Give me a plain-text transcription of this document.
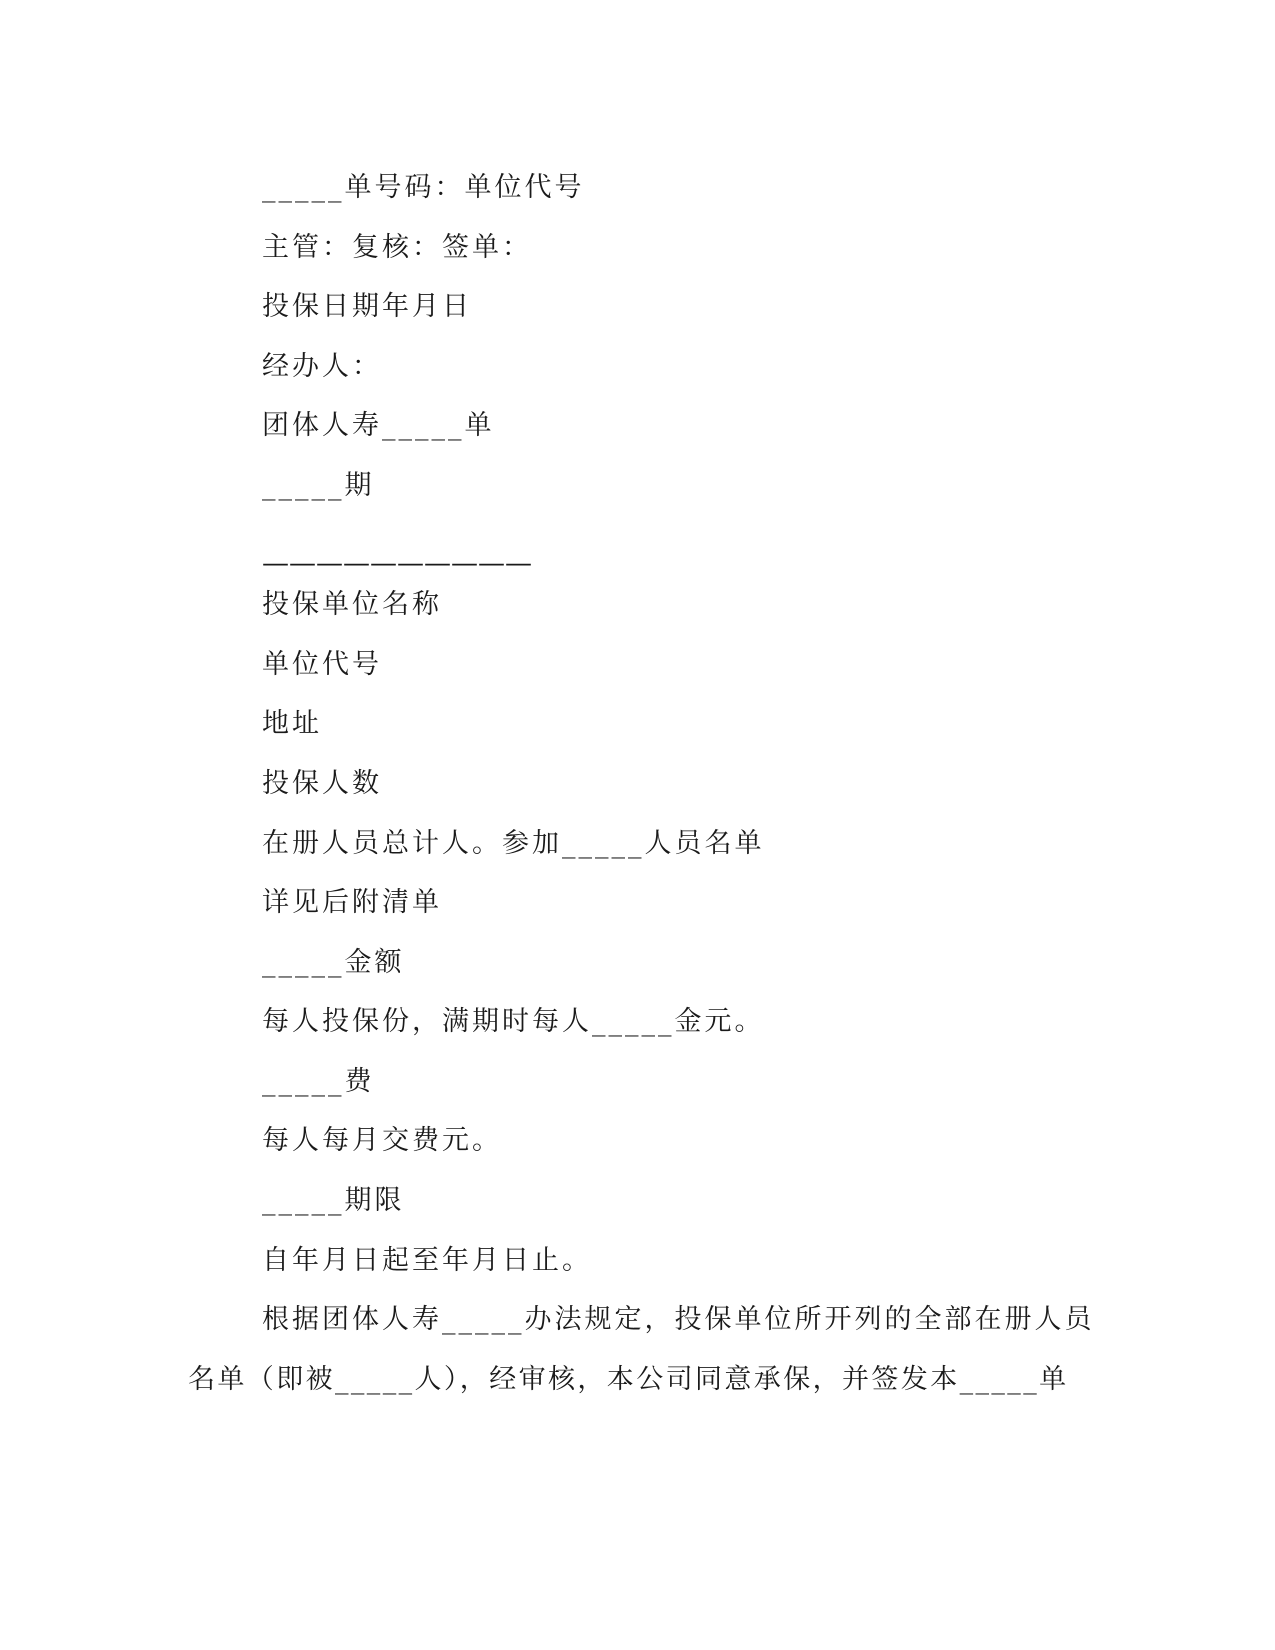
_____单号码：单位代号
主管：复核：签单：
投保日期年月日
经办人：
团体人寿_____单
_____期
——————————
投保单位名称
单位代号
地址
投保人数
在册人员总计人。参加_____人员名单
详见后附清单
_____金额
每人投保份，满期时每人_____金元。
_____费
每人每月交费元。
_____期限
自年月日起至年月日止。
根据团体人寿_____办法规定，投保单位所开列的全部在册人员
名单（即被_____人），经审核，本公司同意承保，并签发本_____单
